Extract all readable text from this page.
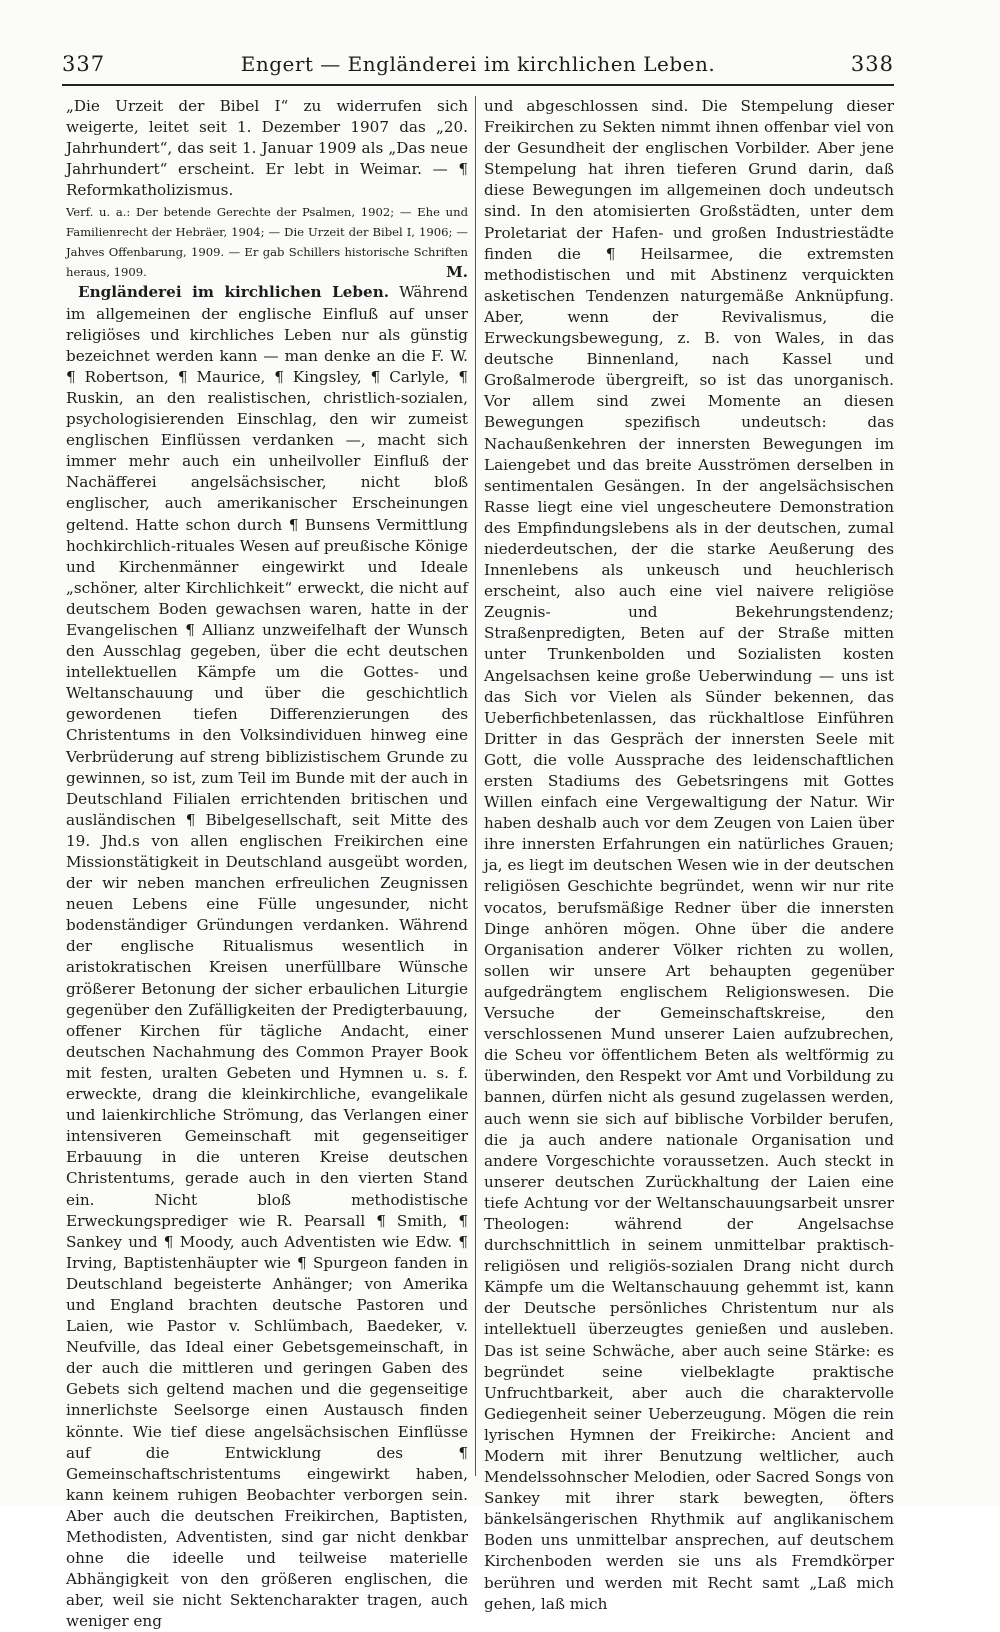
337	Engert — Engländerei im kirchlichen Leben.	338

„Die Urzeit der Bibel I“ zu widerrufen sich weigerte, leitet seit 1. Dezember 1907 das „20. Jahrhundert“, das seit 1. Januar 1909 als „Das neue Jahrhundert“ erscheint. Er lebt in Weimar. — ¶ Reformkatholizismus.

Verf. u. a.: Der betende Gerechte der Psalmen, 1902; — Ehe und Familienrecht der Hebräer, 1904; — Die Urzeit der Bibel I, 1906; — Jahves Offenbarung, 1909. — Er gab Schillers historische Schriften heraus, 1909.	M.

Engländerei im kirchlichen Leben. Während im allgemeinen der englische Einfluß auf unser religiöses und kirchliches Leben nur als günstig bezeichnet werden kann — man denke an die F. W. ¶ Robertson, ¶ Maurice, ¶ Kingsley, ¶ Carlyle, ¶ Ruskin, an den realistischen, christlich-sozialen, psychologisierenden Einschlag, den wir zumeist englischen Einflüssen verdanken —, macht sich immer mehr auch ein unheilvoller Einfluß der Nachäfferei angelsächsischer, nicht bloß englischer, auch amerikanischer Erscheinungen geltend. Hatte schon durch ¶ Bunsens Vermittlung hochkirchlich-rituales Wesen auf preußische Könige und Kirchenmänner eingewirkt und Ideale „schöner, alter Kirchlichkeit“ erweckt, die nicht auf deutschem Boden gewachsen waren, hatte in der Evangelischen ¶ Allianz unzweifelhaft der Wunsch den Ausschlag gegeben, über die echt deutschen intellektuellen Kämpfe um die Gottes- und Weltanschauung und über die geschichtlich gewordenen tiefen Differenzierungen des Christentums in den Volksindividuen hinweg eine Verbrüderung auf streng biblizistischem Grunde zu gewinnen, so ist, zum Teil im Bunde mit der auch in Deutschland Filialen errichtenden britischen und ausländischen ¶ Bibelgesellschaft, seit Mitte des 19. Jhd.s von allen englischen Freikirchen eine Missionstätigkeit in Deutschland ausgeübt worden, der wir neben manchen erfreulichen Zeugnissen neuen Lebens eine Fülle ungesunder, nicht bodenständiger Gründungen verdanken. Während der englische Ritualismus wesentlich in aristokratischen Kreisen unerfüllbare Wünsche größerer Betonung der sicher erbaulichen Liturgie gegenüber den Zufälligkeiten der Predigterbauung, offener Kirchen für tägliche Andacht, einer deutschen Nachahmung des Common Prayer Book mit festen, uralten Gebeten und Hymnen u. s. f. erweckte, drang die kleinkirchliche, evangelikale und laienkirchliche Strömung, das Verlangen einer intensiveren Gemeinschaft mit gegenseitiger Erbauung in die unteren Kreise deutschen Christentums, gerade auch in den vierten Stand ein. Nicht bloß methodistische Erweckungsprediger wie R. Pearsall ¶ Smith, ¶ Sankey und ¶ Moody, auch Adventisten wie Edw. ¶ Irving, Baptistenhäupter wie ¶ Spurgeon fanden in Deutschland begeisterte Anhänger; von Amerika und England brachten deutsche Pastoren und Laien, wie Pastor v. Schlümbach, Baedeker, v. Neufville, das Ideal einer Gebetsgemeinschaft, in der auch die mittleren und geringen Gaben des Gebets sich geltend machen und die gegenseitige innerlichste Seelsorge einen Austausch finden könnte. Wie tief diese angelsächsischen Einflüsse auf die Entwicklung des ¶ Gemeinschaftschristentums eingewirkt haben, kann keinem ruhigen Beobachter verborgen sein. Aber auch die deutschen Freikirchen, Baptisten, Methodisten, Adventisten, sind gar nicht denkbar ohne die ideelle und teilweise materielle Abhängigkeit von den größeren englischen, die aber, weil sie nicht Sektencharakter tragen, auch weniger eng

und abgeschlossen sind. Die Stempelung dieser Freikirchen zu Sekten nimmt ihnen offenbar viel von der Gesundheit der englischen Vorbilder. Aber jene Stempelung hat ihren tieferen Grund darin, daß diese Bewegungen im allgemeinen doch undeutsch sind. In den atomisierten Großstädten, unter dem Proletariat der Hafen- und großen Industriestädte finden die ¶ Heilsarmee, die extremsten methodistischen und mit Abstinenz verquickten asketischen Tendenzen naturgemäße Anknüpfung. Aber, wenn der Revivalismus, die Erweckungsbewegung, z. B. von Wales, in das deutsche Binnenland, nach Kassel und Großalmerode übergreift, so ist das unorganisch. Vor allem sind zwei Momente an diesen Bewegungen spezifisch undeutsch: das Nachaußenkehren der innersten Bewegungen im Laiengebet und das breite Ausströmen derselben in sentimentalen Gesängen. In der angelsächsischen Rasse liegt eine viel ungescheutere Demonstration des Empfindungslebens als in der deutschen, zumal niederdeutschen, der die starke Aeußerung des Innenlebens als unkeusch und heuchlerisch erscheint, also auch eine viel naivere religiöse Zeugnis- und Bekehrungstendenz; Straßenpredigten, Beten auf der Straße mitten unter Trunkenbolden und Sozialisten kosten Angelsachsen keine große Ueberwindung — uns ist das Sich vor Vielen als Sünder bekennen, das Ueberfichbetenlassen, das rückhaltlose Einführen Dritter in das Gespräch der innersten Seele mit Gott, die volle Aussprache des leidenschaftlichen ersten Stadiums des Gebetsringens mit Gottes Willen einfach eine Vergewaltigung der Natur. Wir haben deshalb auch vor dem Zeugen von Laien über ihre innersten Erfahrungen ein natürliches Grauen; ja, es liegt im deutschen Wesen wie in der deutschen religiösen Geschichte begründet, wenn wir nur rite vocatos, berufsmäßige Redner über die innersten Dinge anhören mögen. Ohne über die andere Organisation anderer Völker richten zu wollen, sollen wir unsere Art behaupten gegenüber aufgedrängtem englischem Religionswesen. Die Versuche der Gemeinschaftskreise, den verschlossenen Mund unserer Laien aufzubrechen, die Scheu vor öffentlichem Beten als weltförmig zu überwinden, den Respekt vor Amt und Vorbildung zu bannen, dürfen nicht als gesund zugelassen werden, auch wenn sie sich auf biblische Vorbilder berufen, die ja auch andere nationale Organisation und andere Vorgeschichte voraussetzen. Auch steckt in unserer deutschen Zurückhaltung der Laien eine tiefe Achtung vor der Weltanschauungsarbeit unsrer Theologen: während der Angelsachse durchschnittlich in seinem unmittelbar praktisch-religiösen und religiös-sozialen Drang nicht durch Kämpfe um die Weltanschauung gehemmt ist, kann der Deutsche persönliches Christentum nur als intellektuell überzeugtes genießen und ausleben. Das ist seine Schwäche, aber auch seine Stärke: es begründet seine vielbeklagte praktische Unfruchtbarkeit, aber auch die charaktervolle Gediegenheit seiner Ueberzeugung. Mögen die rein lyrischen Hymnen der Freikirche: Ancient and Modern mit ihrer Benutzung weltlicher, auch Mendelssohnscher Melodien, oder Sacred Songs von Sankey mit ihrer stark bewegten, öfters bänkelsängerischen Rhythmik auf anglikanischem Boden uns unmittelbar ansprechen, auf deutschem Kirchenboden werden sie uns als Fremdkörper berühren und werden mit Recht samt „Laß mich gehen, laß mich
